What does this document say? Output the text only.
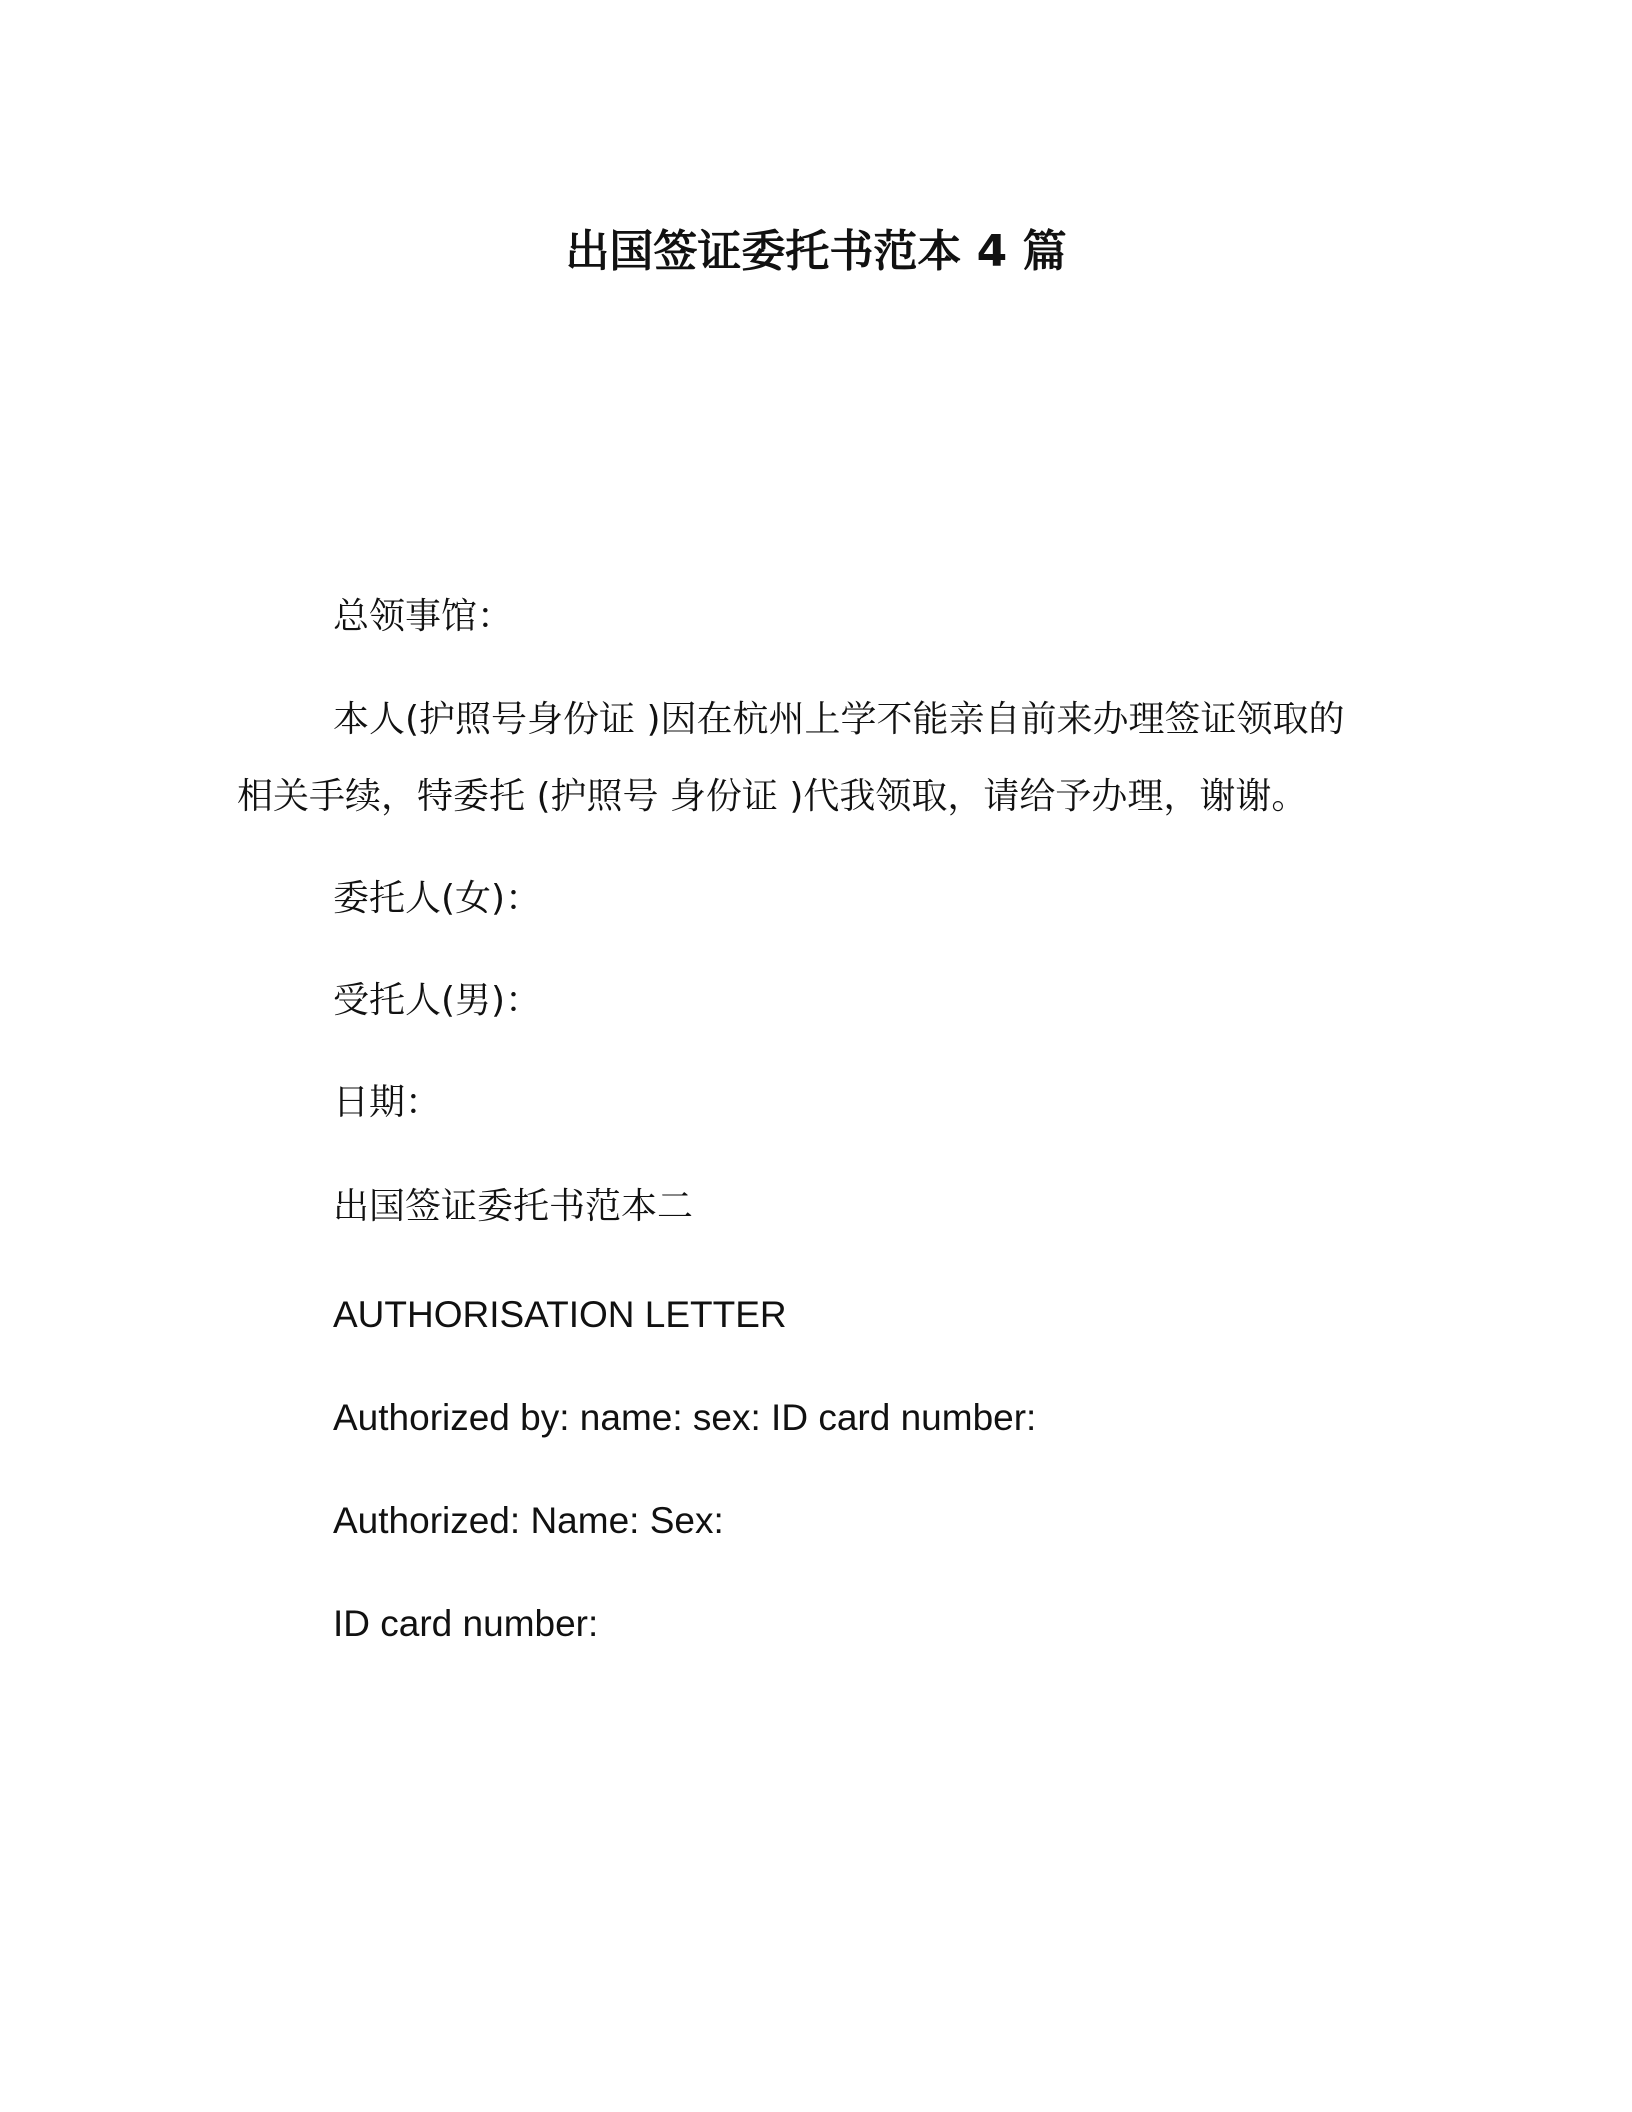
出国签证委托书范本 4 篇

总领事馆：

本人(护照号身份证 )因在杭州上学不能亲自前来办理签证领取的

相关手续，特委托 (护照号 身份证 )代我领取，请给予办理，谢谢。

委托人(女)：

受托人(男)：

日期：

出国签证委托书范本二

AUTHORISATION LETTER

Authorized by: name: sex: ID card number:

Authorized: Name: Sex:

ID card number:
